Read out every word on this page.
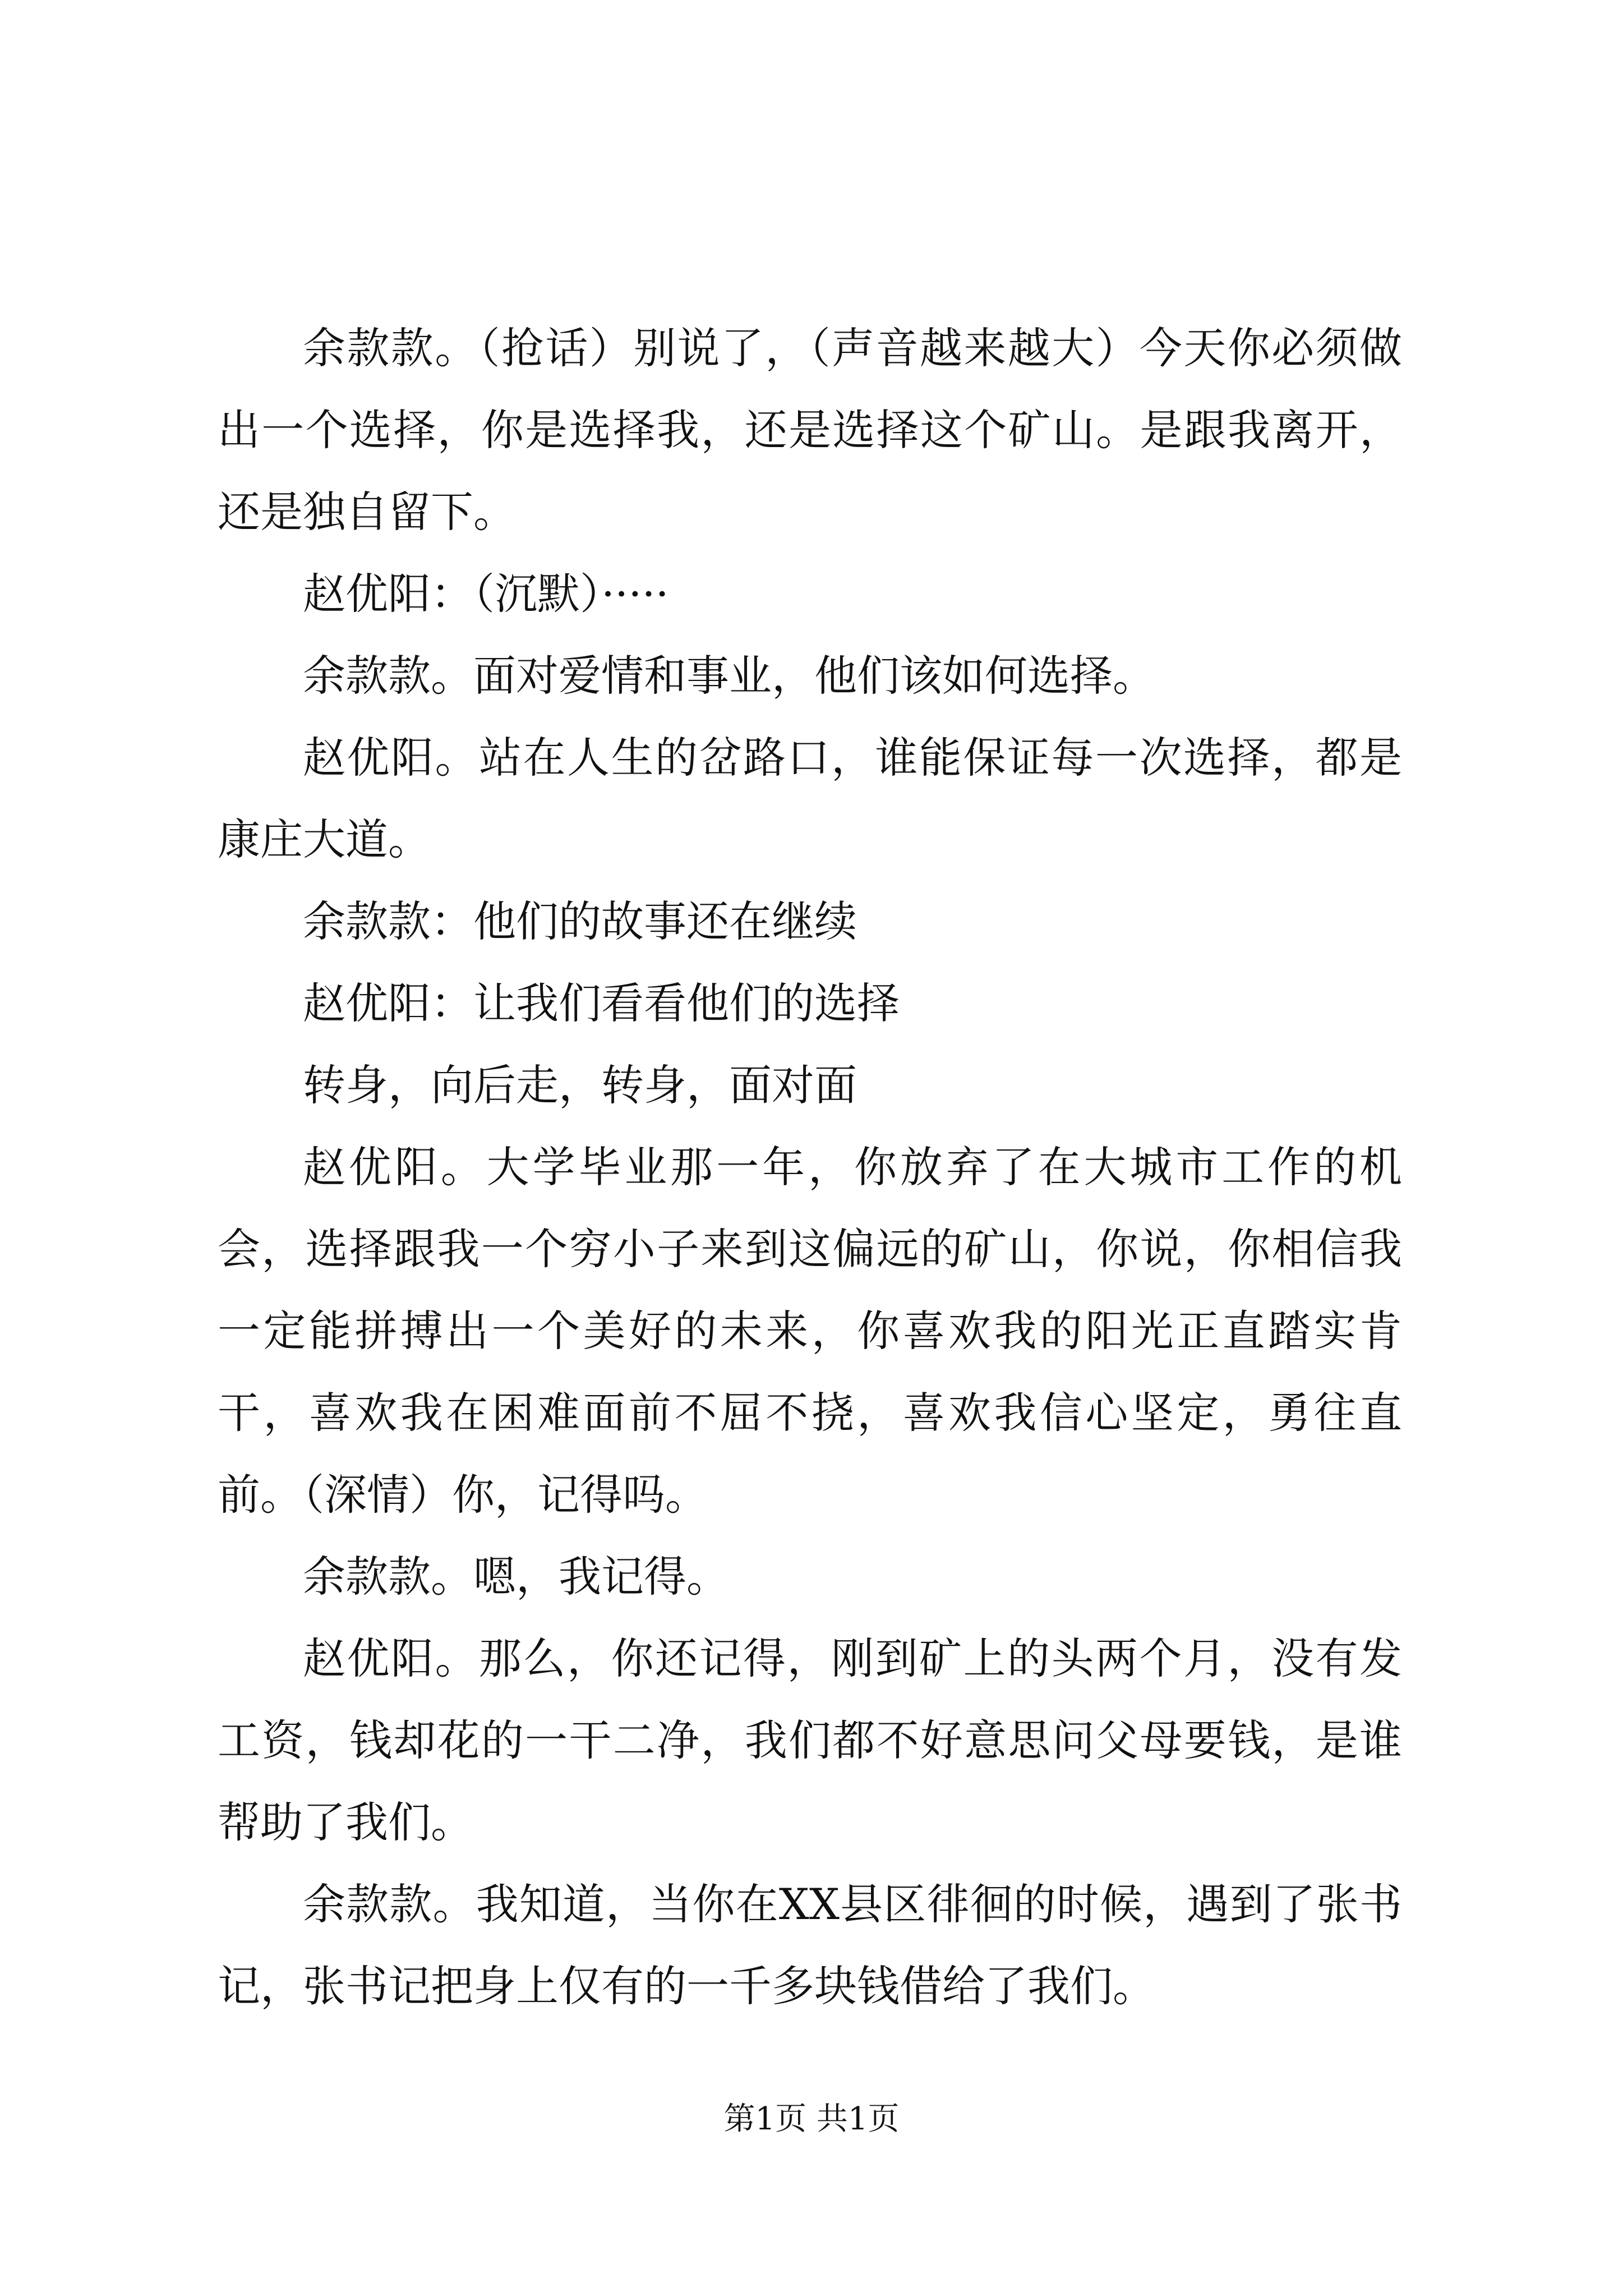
余款款。（抢话）别说了，（声音越来越大）今天你必须做出一个选择，你是选择我，还是选择这个矿山。是跟我离开，还是独自留下。

赵优阳：（沉默）·····

余款款。面对爱情和事业，他们该如何选择。

赵优阳。站在人生的岔路口，谁能保证每一次选择，都是康庄大道。

余款款：他们的故事还在继续

赵优阳：让我们看看他们的选择

转身，向后走，转身，面对面

赵优阳。大学毕业那一年，你放弃了在大城市工作的机会，选择跟我一个穷小子来到这偏远的矿山，你说，你相信我一定能拼搏出一个美好的未来，你喜欢我的阳光正直踏实肯干，喜欢我在困难面前不屈不挠，喜欢我信心坚定，勇往直前。（深情）你，记得吗。

余款款。嗯，我记得。

赵优阳。那么，你还记得，刚到矿上的头两个月，没有发工资，钱却花的一干二净，我们都不好意思问父母要钱，是谁帮助了我们。

余款款。我知道，当你在XX县区徘徊的时候，遇到了张书记，张书记把身上仅有的一千多块钱借给了我们。

第1页 共1页
